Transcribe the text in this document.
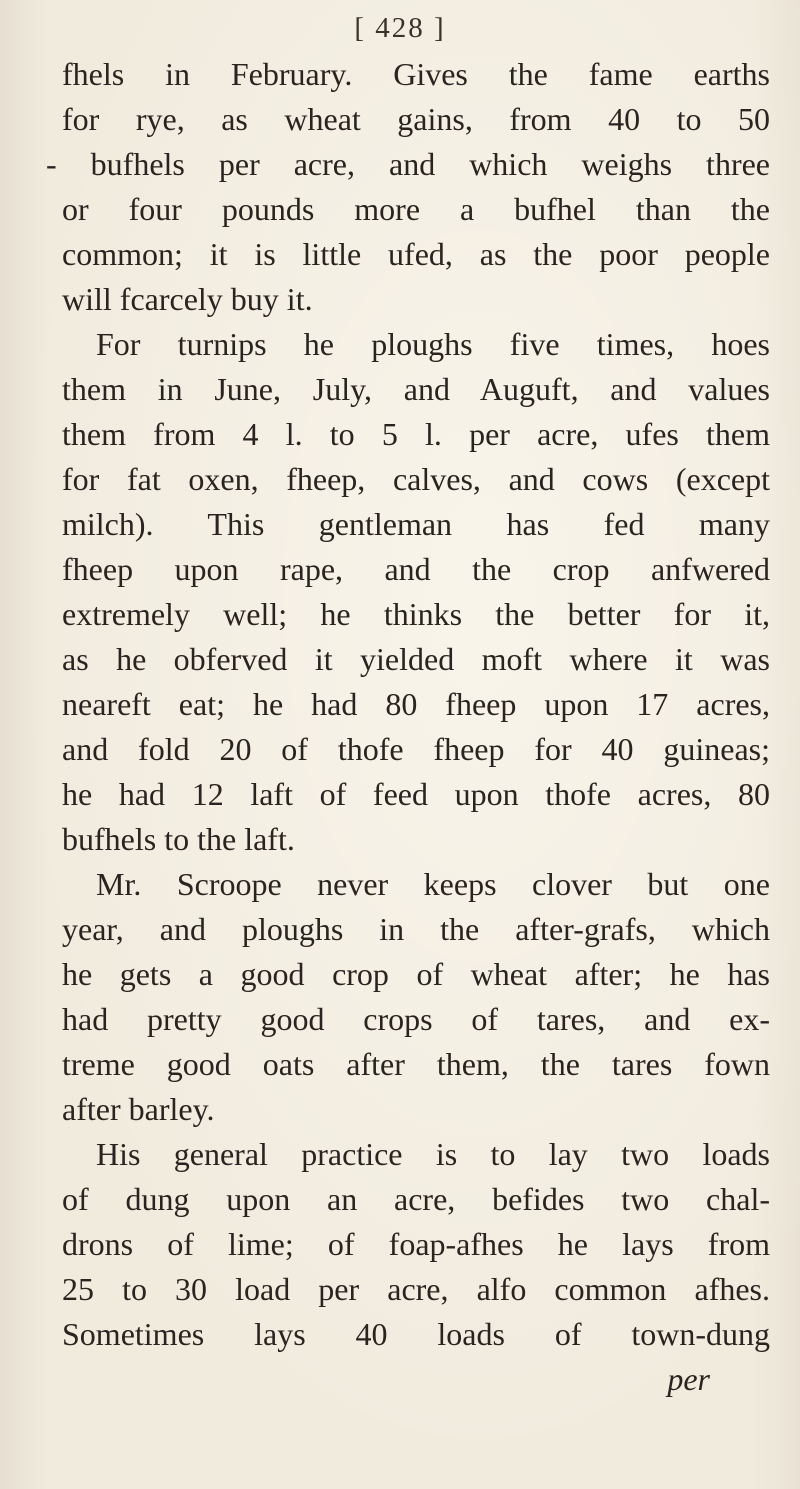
[ 428 ]
fhels in February. Gives the fame earths
for rye, as wheat gains, from 40 to 50
- bufhels per acre, and which weighs three
or four pounds more a bufhel than the
common; it is little ufed, as the poor people
will fcarcely buy it.
For turnips he ploughs five times, hoes
them in June, July, and Auguft, and values
them from 4 l. to 5 l. per acre, ufes them
for fat oxen, fheep, calves, and cows (except
milch). This gentleman has fed many
fheep upon rape, and the crop anfwered
extremely well; he thinks the better for it,
as he obferved it yielded moft where it was
neareft eat; he had 80 fheep upon 17 acres,
and fold 20 of thofe fheep for 40 guineas;
he had 12 laft of feed upon thofe acres, 80
bufhels to the laft.
Mr. Scroope never keeps clover but one
year, and ploughs in the after-grafs, which
he gets a good crop of wheat after; he has
had pretty good crops of tares, and ex-
treme good oats after them, the tares fown
after barley.
His general practice is to lay two loads
of dung upon an acre, befides two chal-
drons of lime; of foap-afhes he lays from
25 to 30 load per acre, alfo common afhes.
Sometimes lays 40 loads of town-dung
per
